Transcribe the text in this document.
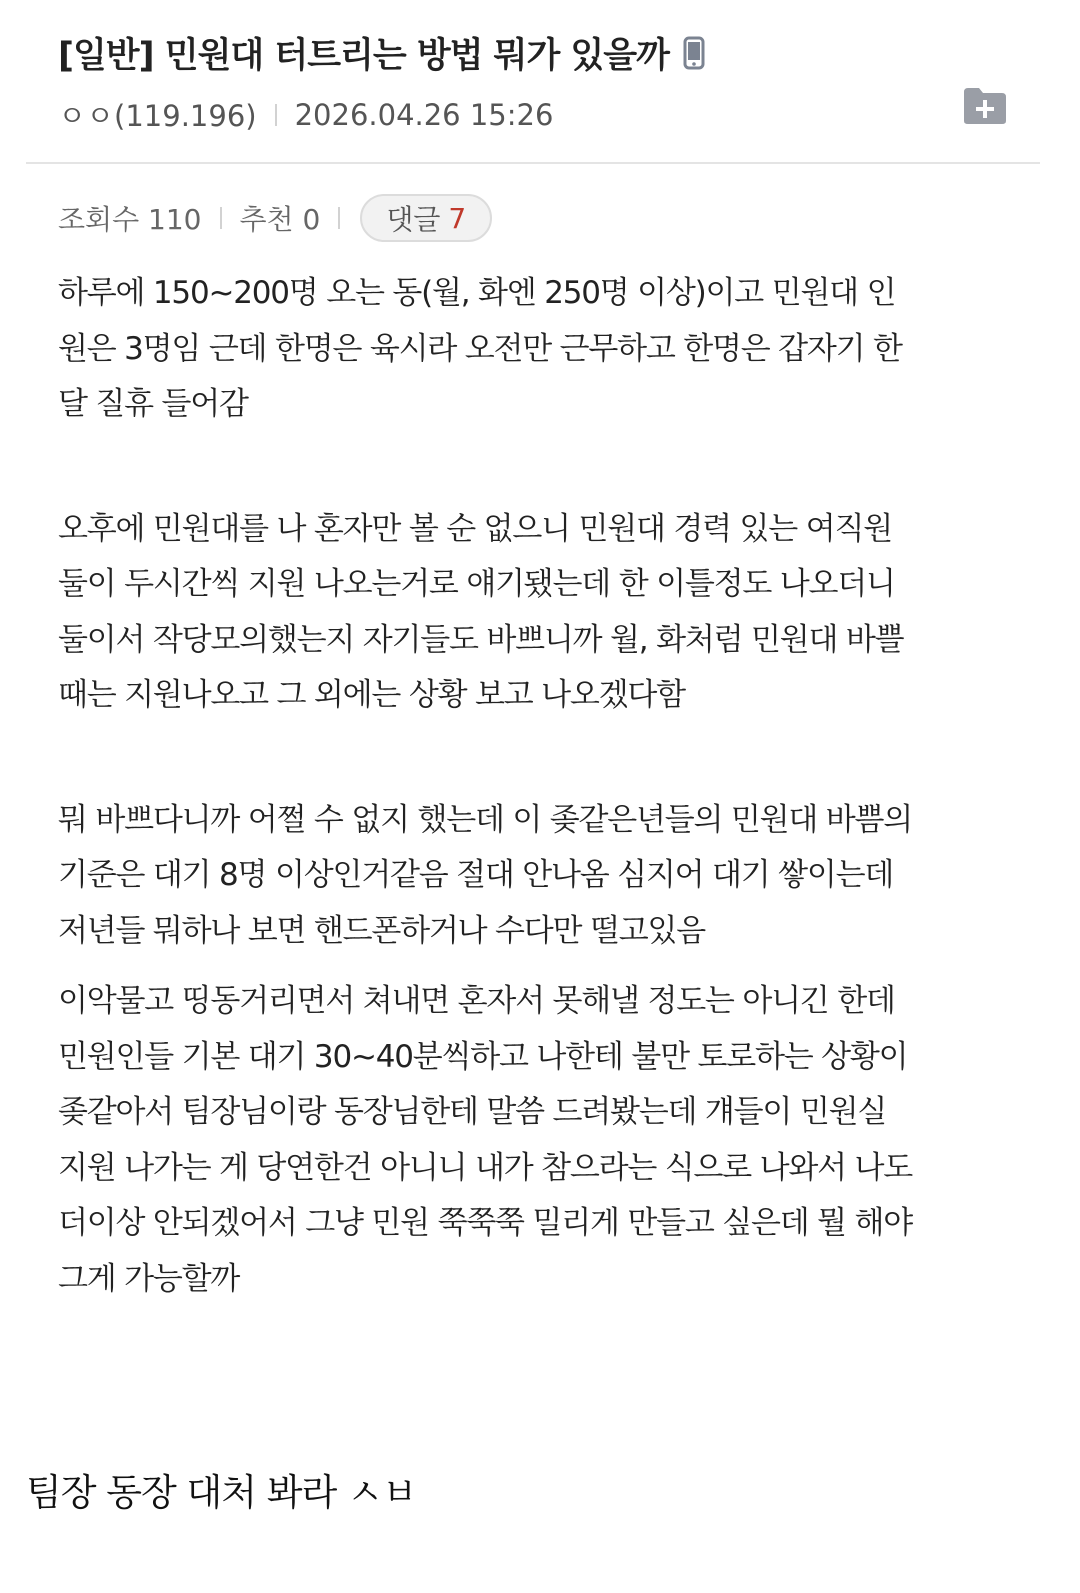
[일반] 민원대 터트리는 방법 뭐가 있을까
ㅇㅇ(119.196) 2026.04.26 15:26
조회수 110 추천 0 댓글 7

하루에 150~200명 오는 동(월, 화엔 250명 이상)이고 민원대 인
원은 3명임 근데 한명은 육시라 오전만 근무하고 한명은 갑자기 한
달 질휴 들어감

오후에 민원대를 나 혼자만 볼 순 없으니 민원대 경력 있는 여직원
둘이 두시간씩 지원 나오는거로 얘기됐는데 한 이틀정도 나오더니
둘이서 작당모의했는지 자기들도 바쁘니까 월, 화처럼 민원대 바쁠
때는 지원나오고 그 외에는 상황 보고 나오겠다함

뭐 바쁘다니까 어쩔 수 없지 했는데 이 좆같은년들의 민원대 바쁨의
기준은 대기 8명 이상인거같음 절대 안나옴 심지어 대기 쌓이는데
저년들 뭐하나 보면 핸드폰하거나 수다만 떨고있음

이악물고 띵동거리면서 쳐내면 혼자서 못해낼 정도는 아니긴 한데
민원인들 기본 대기 30~40분씩하고 나한테 불만 토로하는 상황이
좆같아서 팀장님이랑 동장님한테 말씀 드려봤는데 걔들이 민원실
지원 나가는 게 당연한건 아니니 내가 참으라는 식으로 나와서 나도
더이상 안되겠어서 그냥 민원 쭉쭉쭉 밀리게 만들고 싶은데 뭘 해야
그게 가능할까

팀장 동장 대처 봐라 ㅅㅂ
